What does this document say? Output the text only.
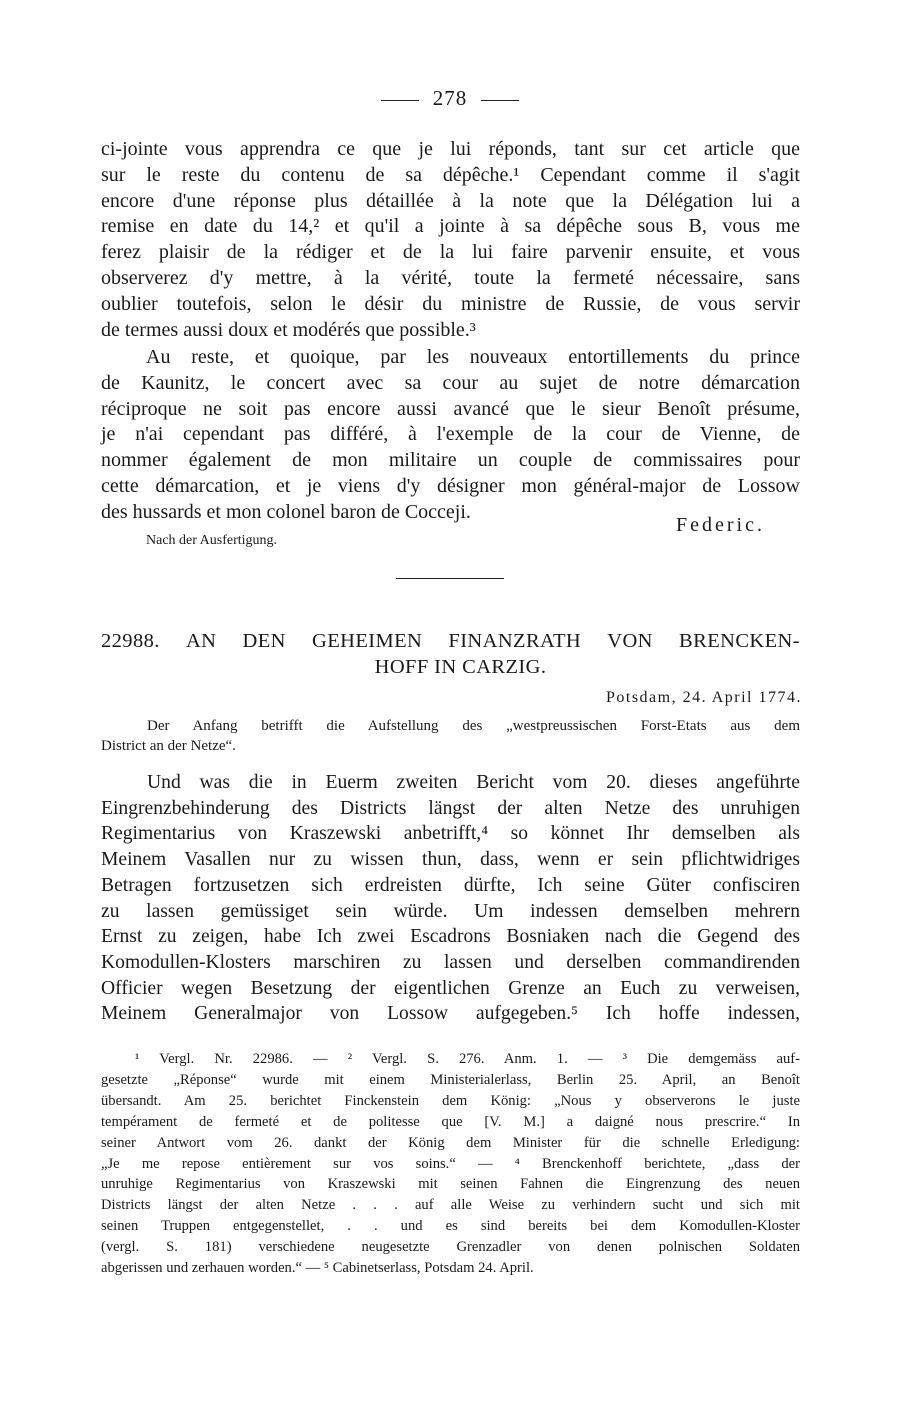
278
ci-jointe vous apprendra ce que je lui réponds, tant sur cet article que
sur le reste du contenu de sa dépêche.¹ Cependant comme il s'agit
encore d'une réponse plus détaillée à la note que la Délégation lui a
remise en date du 14,² et qu'il a jointe à sa dépêche sous B, vous me
ferez plaisir de la rédiger et de la lui faire parvenir ensuite, et vous
observerez d'y mettre, à la vérité, toute la fermeté nécessaire, sans
oublier toutefois, selon le désir du ministre de Russie, de vous servir
de termes aussi doux et modérés que possible.³
Au reste, et quoique, par les nouveaux entortillements du prince
de Kaunitz, le concert avec sa cour au sujet de notre démarcation
réciproque ne soit pas encore aussi avancé que le sieur Benoît présume,
je n'ai cependant pas différé, à l'exemple de la cour de Vienne, de
nommer également de mon militaire un couple de commissaires pour
cette démarcation, et je viens d'y désigner mon général-major de Lossow
des hussards et mon colonel baron de Cocceji.
Federic.
Nach der Ausfertigung.
22988. AN DEN GEHEIMEN FINANZRATH VON BRENCKEN-
HOFF IN CARZIG.
Potsdam, 24. April 1774.
Der Anfang betrifft die Aufstellung des „westpreussischen Forst-Etats aus dem
District an der Netze“.
Und was die in Euerm zweiten Bericht vom 20. dieses angeführte
Eingrenzbehinderung des Districts längst der alten Netze des unruhigen
Regimentarius von Kraszewski anbetrifft,⁴ so könnet Ihr demselben als
Meinem Vasallen nur zu wissen thun, dass, wenn er sein pflichtwidriges
Betragen fortzusetzen sich erdreisten dürfte, Ich seine Güter confisciren
zu lassen gemüssiget sein würde. Um indessen demselben mehrern
Ernst zu zeigen, habe Ich zwei Escadrons Bosniaken nach die Gegend des
Komodullen-Klosters marschiren zu lassen und derselben commandirenden
Officier wegen Besetzung der eigentlichen Grenze an Euch zu verweisen,
Meinem Generalmajor von Lossow aufgegeben.⁵ Ich hoffe indessen,
¹ Vergl. Nr. 22986. — ² Vergl. S. 276. Anm. 1. — ³ Die demgemäss auf-
gesetzte „Réponse“ wurde mit einem Ministerialerlass, Berlin 25. April, an Benoît
übersandt. Am 25. berichtet Finckenstein dem König: „Nous y observerons le juste
tempérament de fermeté et de politesse que [V. M.] a daigné nous prescrire.“ In
seiner Antwort vom 26. dankt der König dem Minister für die schnelle Erledigung:
„Je me repose entièrement sur vos soins.“ — ⁴ Brenckenhoff berichtete, „dass der
unruhige Regimentarius von Kraszewski mit seinen Fahnen die Eingrenzung des neuen
Districts längst der alten Netze . . . auf alle Weise zu verhindern sucht und sich mit
seinen Truppen entgegenstellet, . . und es sind bereits bei dem Komodullen-Kloster
(vergl. S. 181) verschiedene neugesetzte Grenzadler von denen polnischen Soldaten
abgerissen und zerhauen worden.“ — ⁵ Cabinetserlass, Potsdam 24. April.
